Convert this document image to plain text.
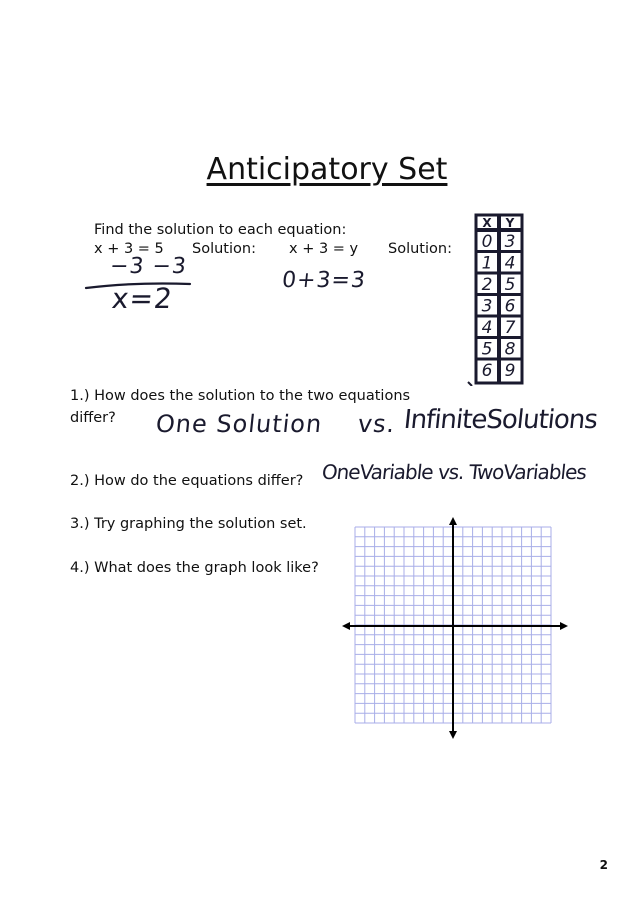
Anticipatory Set
Find the solution to each equation:
x + 3 = 5 Solution: x + 3 = y Solution:
−3 −3
x=2
0+3=3
0 3
1 4
2 5
3 6
4 7
5 8
6 9
X Y
1.) How does the solution to the two equations
differ? One Solution vs. InfiniteSolutions
2.) How do the equations differ? OneVariable vs. TwoVariables
3.) Try graphing the solution set.
4.) What does the graph look like?
2
